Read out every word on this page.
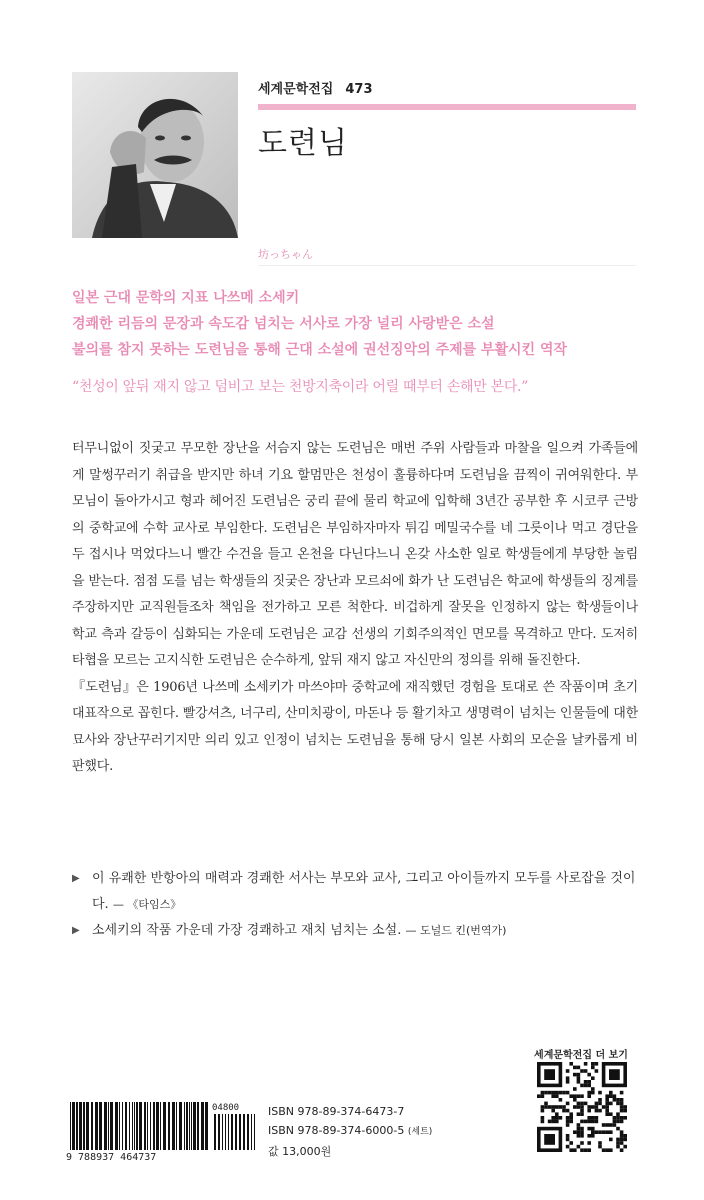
세계문학전집 473
도련님
坊っちゃん
일본 근대 문학의 지표 나쓰메 소세키
경쾌한 리듬의 문장과 속도감 넘치는 서사로 가장 널리 사랑받은 소설
불의를 참지 못하는 도련님을 통해 근대 소설에 권선징악의 주제를 부활시킨 역작
“천성이 앞뒤 재지 않고 덤비고 보는 천방지축이라 어릴 때부터 손해만 본다.”

터무니없이 짓궂고 무모한 장난을 서슴지 않는 도련님은 매번 주위 사람들과 마찰을 일으켜 가족들에게 말썽꾸러기 취급을 받지만 하녀 기요 할멈만은 천성이 훌륭하다며 도련님을 끔찍이 귀여워한다. 부모님이 돌아가시고 형과 헤어진 도련님은 궁리 끝에 물리 학교에 입학해 3년간 공부한 후 시코쿠 근방의 중학교에 수학 교사로 부임한다. 도련님은 부임하자마자 튀김 메밀국수를 네 그릇이나 먹고 경단을 두 접시나 먹었다느니 빨간 수건을 들고 온천을 다닌다느니 온갖 사소한 일로 학생들에게 부당한 놀림을 받는다. 점점 도를 넘는 학생들의 짓궂은 장난과 모르쇠에 화가 난 도련님은 학교에 학생들의 징계를 주장하지만 교직원들조차 책임을 전가하고 모른 척한다. 비겁하게 잘못을 인정하지 않는 학생들이나 학교 측과 갈등이 심화되는 가운데 도련님은 교감 선생의 기회주의적인 면모를 목격하고 만다. 도저히 타협을 모르는 고지식한 도련님은 순수하게, 앞뒤 재지 않고 자신만의 정의를 위해 돌진한다.

『도련님』은 1906년 나쓰메 소세키가 마쓰야마 중학교에 재직했던 경험을 토대로 쓴 작품이며 초기 대표작으로 꼽힌다. 빨강셔츠, 너구리, 산미치광이, 마돈나 등 활기차고 생명력이 넘치는 인물들에 대한 묘사와 장난꾸러기지만 의리 있고 인정이 넘치는 도련님을 통해 당시 일본 사회의 모순을 날카롭게 비판했다.

▶ 이 유쾌한 반항아의 매력과 경쾌한 서사는 부모와 교사, 그리고 아이들까지 모두를 사로잡을 것이다. — 《타임스》
▶ 소세키의 작품 가운데 가장 경쾌하고 재치 넘치는 소설. — 도널드 킨(번역가)
세계문학전집 더 보기
9 788937 464737
04800	ISBN 978-89-374-6473-7
ISBN 978-89-374-6000-5 (세트)
값 13,000원
